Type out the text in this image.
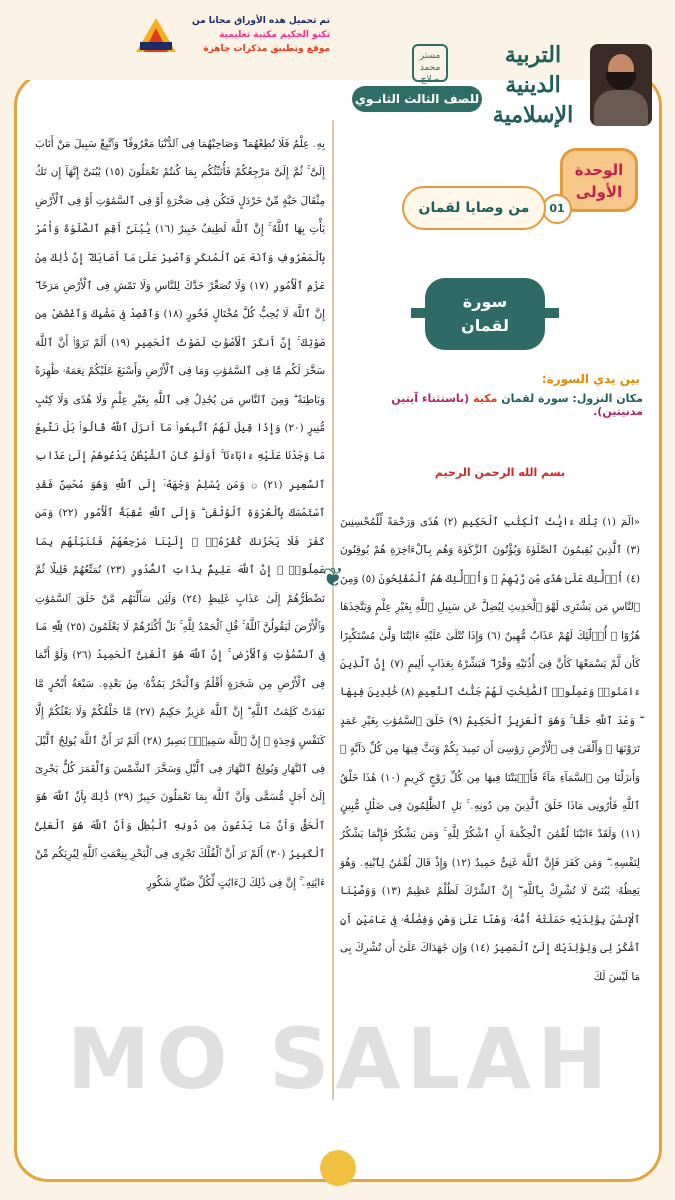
تم تحميل هذه الأوراق مجانا من
تكنو الحكيم مكتبة تعليمية
موقع وتطبيق مذكرات جاهزة	التربية الدينية
الإسلامية
مستر محمد صلاح
للصف الثالث الثانـوي
الوحدة
الأولى
01
من وصايا لقمان
سورة
لقمان
بين يدي السورة:
مكان النزول: سورة لقمان مكية (باستثناء آيتين مدنيتين).
بسم الله الرحمن الرحيم
❦

«الٓمٓ (١) تِلْكَ ءَايَٰتُ ٱلْكِتَٰبِ ٱلْحَكِيمِ (٢) هُدًى وَرَحْمَةً لِّلْمُحْسِنِينَ (٣) ٱلَّذِينَ يُقِيمُونَ ٱلصَّلَوٰةَ وَيُؤْتُونَ ٱلزَّكَوٰةَ وَهُم بِٱلْءَاخِرَةِ هُمْ يُوقِنُونَ (٤) أُو۟لَٰٓئِكَ عَلَىٰ هُدًى مِّن رَّبِّهِمْ ۖ وَأُو۟لَٰٓئِكَ هُمُ ٱلْمُفْلِحُونَ (٥) وَمِنَ ٱلنَّاسِ مَن يَشْتَرِى لَهْوَ ٱلْحَدِيثِ لِيُضِلَّ عَن سَبِيلِ ٱللَّهِ بِغَيْرِ عِلْمٍ وَيَتَّخِذَهَا هُزُوًا ۚ أُو۟لَٰٓئِكَ لَهُمْ عَذَابٌ مُّهِينٌ (٦) وَإِذَا تُتْلَىٰ عَلَيْهِ ءَايَٰتُنَا وَلَّىٰ مُسْتَكْبِرًا كَأَن لَّمْ يَسْمَعْهَا كَأَنَّ فِىٓ أُذُنَيْهِ وَقْرًا ۖ فَبَشِّرْهُ بِعَذَابٍ أَلِيمٍ (٧) إِنَّ ٱلَّذِينَ ءَامَنُوا۟ وَعَمِلُوا۟ ٱلصَّٰلِحَٰتِ لَهُمْ جَنَّٰتُ ٱلنَّعِيمِ (٨) خَٰلِدِينَ فِيهَا ۖ وَعْدَ ٱللَّهِ حَقًّا ۚ وَهُوَ ٱلْعَزِيزُ ٱلْحَكِيمُ (٩) خَلَقَ ٱلسَّمَٰوَٰتِ بِغَيْرِ عَمَدٍ تَرَوْنَهَا ۖ وَأَلْقَىٰ فِى ٱلْأَرْضِ رَوَٰسِىَ أَن تَمِيدَ بِكُمْ وَبَثَّ فِيهَا مِن كُلِّ دَآبَّةٍ ۚ وَأَنزَلْنَا مِنَ ٱلسَّمَآءِ مَآءً فَأَنۢبَتْنَا فِيهَا مِن كُلِّ زَوْجٍ كَرِيمٍ (١٠) هَٰذَا خَلْقُ ٱللَّهِ فَأَرُونِى مَاذَا خَلَقَ ٱلَّذِينَ مِن دُونِهِۦ ۚ بَلِ ٱلظَّٰلِمُونَ فِى ضَلَٰلٍ مُّبِينٍ (١١) وَلَقَدْ ءَاتَيْنَا لُقْمَٰنَ ٱلْحِكْمَةَ أَنِ ٱشْكُرْ لِلَّهِ ۚ وَمَن يَشْكُرْ فَإِنَّمَا يَشْكُرُ لِنَفْسِهِۦ ۖ وَمَن كَفَرَ فَإِنَّ ٱللَّهَ غَنِىٌّ حَمِيدٌ (١٢) وَإِذْ قَالَ لُقْمَٰنُ لِٱبْنِهِۦ وَهُوَ يَعِظُهُۥ يَٰبُنَىَّ لَا تُشْرِكْ بِٱللَّهِ ۖ إِنَّ ٱلشِّرْكَ لَظُلْمٌ عَظِيمٌ (١٣) وَوَصَّيْنَا ٱلْإِنسَٰنَ بِوَٰلِدَيْهِ حَمَلَتْهُ أُمُّهُۥ وَهْنًا عَلَىٰ وَهْنٍ وَفِصَٰلُهُۥ فِى عَامَيْنِ أَنِ ٱشْكُرْ لِى وَلِوَٰلِدَيْكَ إِلَىَّ ٱلْمَصِيرُ (١٤) وَإِن جَٰهَدَاكَ عَلَىٰٓ أَن تُشْرِكَ بِى مَا لَيْسَ لَكَ

بِهِۦ عِلْمٌ فَلَا تُطِعْهُمَا ۖ وَصَاحِبْهُمَا فِى ٱلدُّنْيَا مَعْرُوفًا ۖ وَٱتَّبِعْ سَبِيلَ مَنْ أَنَابَ إِلَىَّ ۚ ثُمَّ إِلَىَّ مَرْجِعُكُمْ فَأُنَبِّئُكُم بِمَا كُنتُمْ تَعْمَلُونَ (١٥) يَٰبُنَىَّ إِنَّهَآ إِن تَكُ مِثْقَالَ حَبَّةٍ مِّنْ خَرْدَلٍ فَتَكُن فِى صَخْرَةٍ أَوْ فِى ٱلسَّمَٰوَٰتِ أَوْ فِى ٱلْأَرْضِ يَأْتِ بِهَا ٱللَّهُ ۚ إِنَّ ٱللَّهَ لَطِيفٌ خَبِيرٌ (١٦) يَٰبُنَىَّ أَقِمِ ٱلصَّلَوٰةَ وَأْمُرْ بِٱلْمَعْرُوفِ وَٱنْهَ عَنِ ٱلْمُنكَرِ وَٱصْبِرْ عَلَىٰ مَآ أَصَابَكَ ۖ إِنَّ ذَٰلِكَ مِنْ عَزْمِ ٱلْأُمُورِ (١٧) وَلَا تُصَعِّرْ خَدَّكَ لِلنَّاسِ وَلَا تَمْشِ فِى ٱلْأَرْضِ مَرَحًا ۖ إِنَّ ٱللَّهَ لَا يُحِبُّ كُلَّ مُخْتَالٍ فَخُورٍ (١٨) وَٱقْصِدْ فِى مَشْيِكَ وَٱغْضُضْ مِن صَوْتِكَ ۚ إِنَّ أَنكَرَ ٱلْأَصْوَٰتِ لَصَوْتُ ٱلْحَمِيرِ (١٩) أَلَمْ تَرَوْا۟ أَنَّ ٱللَّهَ سَخَّرَ لَكُم مَّا فِى ٱلسَّمَٰوَٰتِ وَمَا فِى ٱلْأَرْضِ وَأَسْبَغَ عَلَيْكُمْ نِعَمَهُۥ ظَٰهِرَةً وَبَاطِنَةً ۗ وَمِنَ ٱلنَّاسِ مَن يُجَٰدِلُ فِى ٱللَّهِ بِغَيْرِ عِلْمٍ وَلَا هُدًى وَلَا كِتَٰبٍ مُّنِيرٍ (٢٠) وَإِذَا قِيلَ لَهُمُ ٱتَّبِعُوا۟ مَآ أَنزَلَ ٱللَّهُ قَالُوا۟ بَلْ نَتَّبِعُ مَا وَجَدْنَا عَلَيْهِ ءَابَآءَنَآ ۚ أَوَلَوْ كَانَ ٱلشَّيْطَٰنُ يَدْعُوهُمْ إِلَىٰ عَذَابِ ٱلسَّعِيرِ (٢١) ۞ وَمَن يُسْلِمْ وَجْهَهُۥٓ إِلَى ٱللَّهِ وَهُوَ مُحْسِنٌ فَقَدِ ٱسْتَمْسَكَ بِٱلْعُرْوَةِ ٱلْوُثْقَىٰ ۗ وَإِلَى ٱللَّهِ عَٰقِبَةُ ٱلْأُمُورِ (٢٢) وَمَن كَفَرَ فَلَا يَحْزُنكَ كُفْرُهُۥٓ ۚ إِلَيْنَا مَرْجِعُهُمْ فَنُنَبِّئُهُم بِمَا عَمِلُوٓا۟ ۚ إِنَّ ٱللَّهَ عَلِيمٌۢ بِذَاتِ ٱلصُّدُورِ (٢٣) نُمَتِّعُهُمْ قَلِيلًا ثُمَّ نَضْطَرُّهُمْ إِلَىٰ عَذَابٍ غَلِيظٍ (٢٤) وَلَئِن سَأَلْتَهُم مَّنْ خَلَقَ ٱلسَّمَٰوَٰتِ وَٱلْأَرْضَ لَيَقُولُنَّ ٱللَّهُ ۚ قُلِ ٱلْحَمْدُ لِلَّهِ ۚ بَلْ أَكْثَرُهُمْ لَا يَعْلَمُونَ (٢٥) لِلَّهِ مَا فِى ٱلسَّمَٰوَٰتِ وَٱلْأَرْضِ ۚ إِنَّ ٱللَّهَ هُوَ ٱلْغَنِىُّ ٱلْحَمِيدُ (٢٦) وَلَوْ أَنَّمَا فِى ٱلْأَرْضِ مِن شَجَرَةٍ أَقْلَٰمٌ وَٱلْبَحْرُ يَمُدُّهُۥ مِنۢ بَعْدِهِۦ سَبْعَةُ أَبْحُرٍ مَّا نَفِدَتْ كَلِمَٰتُ ٱللَّهِ ۗ إِنَّ ٱللَّهَ عَزِيزٌ حَكِيمٌ (٢٧) مَّا خَلْقُكُمْ وَلَا بَعْثُكُمْ إِلَّا كَنَفْسٍ وَٰحِدَةٍ ۗ إِنَّ ٱللَّهَ سَمِيعٌۢ بَصِيرٌ (٢٨) أَلَمْ تَرَ أَنَّ ٱللَّهَ يُولِجُ ٱلَّيْلَ فِى ٱلنَّهَارِ وَيُولِجُ ٱلنَّهَارَ فِى ٱلَّيْلِ وَسَخَّرَ ٱلشَّمْسَ وَٱلْقَمَرَ كُلٌّ يَجْرِىٓ إِلَىٰٓ أَجَلٍ مُّسَمًّى وَأَنَّ ٱللَّهَ بِمَا تَعْمَلُونَ خَبِيرٌ (٢٩) ذَٰلِكَ بِأَنَّ ٱللَّهَ هُوَ ٱلْحَقُّ وَأَنَّ مَا يَدْعُونَ مِن دُونِهِ ٱلْبَٰطِلُ وَأَنَّ ٱللَّهَ هُوَ ٱلْعَلِىُّ ٱلْكَبِيرُ (٣٠) أَلَمْ تَرَ أَنَّ ٱلْفُلْكَ تَجْرِى فِى ٱلْبَحْرِ بِنِعْمَتِ ٱللَّهِ لِيُرِيَكُم مِّنْ ءَايَٰتِهِۦٓ ۚ إِنَّ فِى ذَٰلِكَ لَءَايَٰتٍ لِّكُلِّ صَبَّارٍ شَكُورٍ

MO SALAH
